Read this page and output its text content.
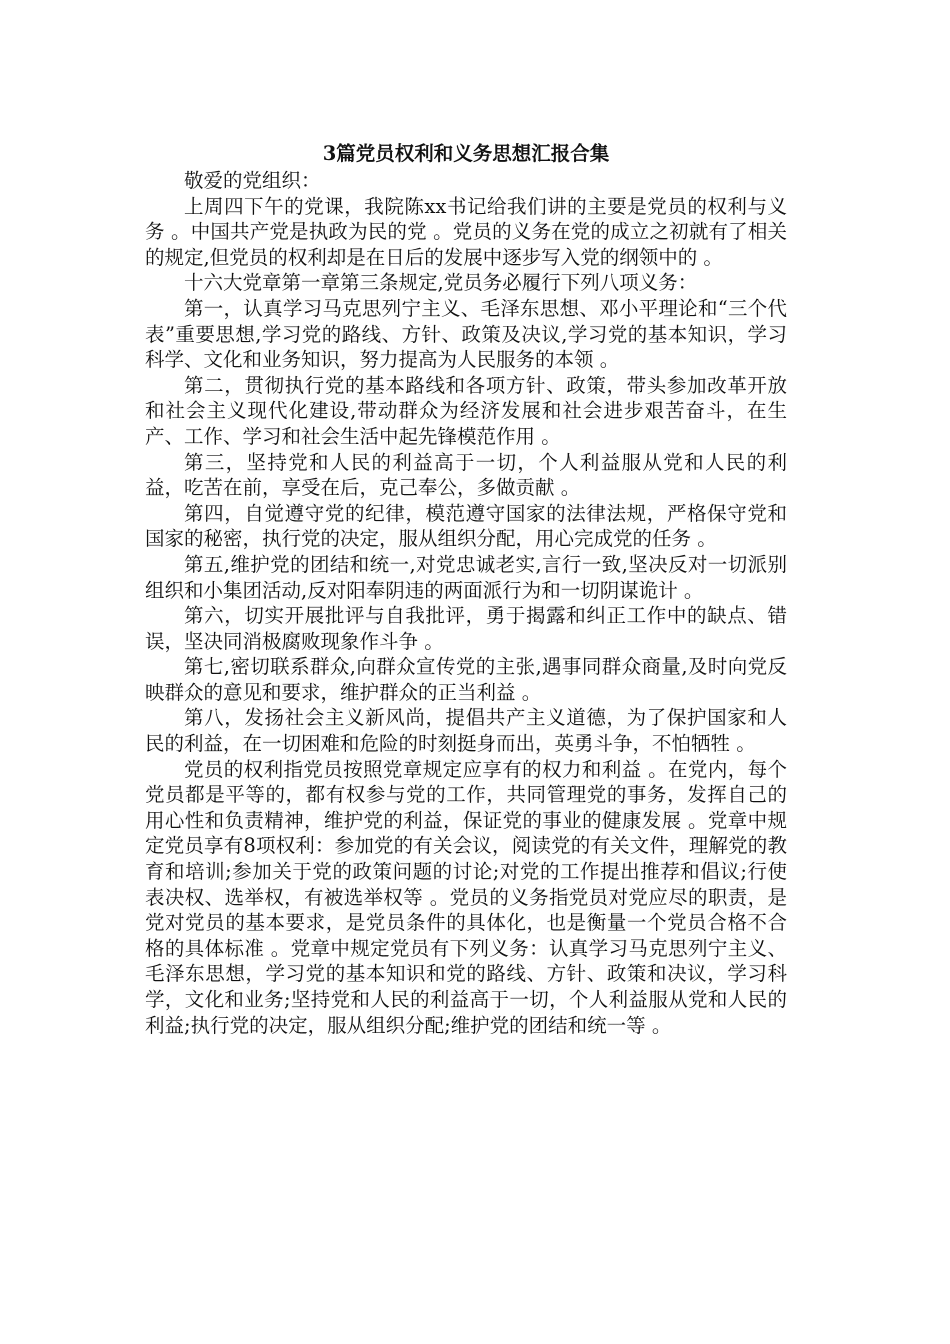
3篇党员权利和义务思想汇报合集

敬爱的党组织：

上周四下午的党课，我院陈xx书记给我们讲的主要是党员的权利与义务 。中国共产党是执政为民的党 。党员的义务在党的成立之初就有了相关的规定,但党员的权利却是在日后的发展中逐步写入党的纲领中的 。

十六大党章第一章第三条规定,党员务必履行下列八项义务：

第一，认真学习马克思列宁主义、毛泽东思想、邓小平理论和“三个代表”重要思想,学习党的路线、方针、政策及决议,学习党的基本知识，学习科学、文化和业务知识，努力提高为人民服务的本领 。

第二，贯彻执行党的基本路线和各项方针、政策，带头参加改革开放和社会主义现代化建设,带动群众为经济发展和社会进步艰苦奋斗，在生产、工作、学习和社会生活中起先锋模范作用 。

第三，坚持党和人民的利益高于一切，个人利益服从党和人民的利益，吃苦在前，享受在后，克己奉公，多做贡献 。

第四，自觉遵守党的纪律，模范遵守国家的法律法规，严格保守党和国家的秘密，执行党的决定，服从组织分配，用心完成党的任务 。

第五,维护党的团结和统一,对党忠诚老实,言行一致,坚决反对一切派别组织和小集团活动,反对阳奉阴违的两面派行为和一切阴谋诡计 。

第六，切实开展批评与自我批评，勇于揭露和纠正工作中的缺点、错误，坚决同消极腐败现象作斗争 。

第七,密切联系群众,向群众宣传党的主张,遇事同群众商量,及时向党反映群众的意见和要求，维护群众的正当利益 。

第八，发扬社会主义新风尚，提倡共产主义道德，为了保护国家和人民的利益，在一切困难和危险的时刻挺身而出，英勇斗争，不怕牺牲 。

党员的权利指党员按照党章规定应享有的权力和利益 。在党内，每个党员都是平等的，都有权参与党的工作，共同管理党的事务，发挥自己的用心性和负责精神，维护党的利益，保证党的事业的健康发展 。党章中规定党员享有8项权利：参加党的有关会议，阅读党的有关文件，理解党的教育和培训;参加关于党的政策问题的讨论;对党的工作提出推荐和倡议;行使表决权、选举权，有被选举权等 。党员的义务指党员对党应尽的职责，是党对党员的基本要求，是党员条件的具体化，也是衡量一个党员合格不合格的具体标准 。党章中规定党员有下列义务：认真学习马克思列宁主义、毛泽东思想，学习党的基本知识和党的路线、方针、政策和决议，学习科学，文化和业务;坚持党和人民的利益高于一切，个人利益服从党和人民的利益;执行党的决定，服从组织分配;维护党的团结和统一等 。
